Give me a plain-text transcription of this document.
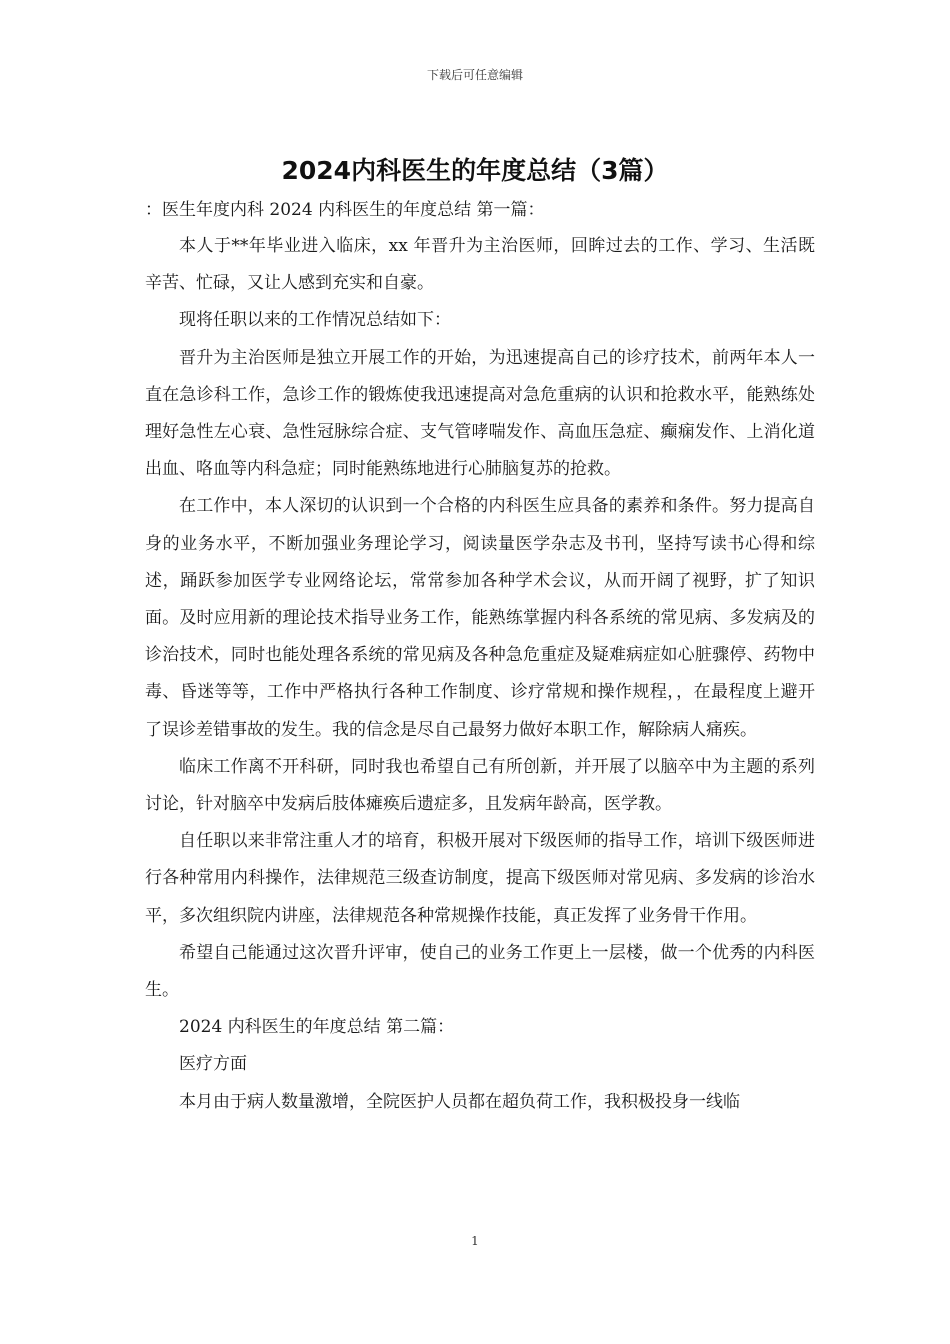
下载后可任意编辑
2024内科医生的年度总结（3篇）

：医生年度内科 2024 内科医生的年度总结 第一篇：

本人于**年毕业进入临床，xx 年晋升为主治医师，回眸过去的工作、学习、生活既辛苦、忙碌，又让人感到充实和自豪。

现将任职以来的工作情况总结如下：

晋升为主治医师是独立开展工作的开始，为迅速提高自己的诊疗技术，前两年本人一直在急诊科工作，急诊工作的锻炼使我迅速提高对急危重病的认识和抢救水平，能熟练处理好急性左心衰、急性冠脉综合症、支气管哮喘发作、高血压急症、癫痫发作、上消化道出血、咯血等内科急症；同时能熟练地进行心肺脑复苏的抢救。

在工作中，本人深切的认识到一个合格的内科医生应具备的素养和条件。努力提高自身的业务水平，不断加强业务理论学习，阅读量医学杂志及书刊，坚持写读书心得和综述，踊跃参加医学专业网络论坛，常常参加各种学术会议，从而开阔了视野，扩了知识面。及时应用新的理论技术指导业务工作，能熟练掌握内科各系统的常见病、多发病及的诊治技术，同时也能处理各系统的常见病及各种急危重症及疑难病症如心脏骤停、药物中毒、昏迷等等，工作中严格执行各种工作制度、诊疗常规和操作规程，，在最程度上避开了误诊差错事故的发生。我的信念是尽自己最努力做好本职工作，解除病人痛疾。

临床工作离不开科研，同时我也希望自己有所创新，并开展了以脑卒中为主题的系列讨论，针对脑卒中发病后肢体瘫痪后遗症多，且发病年龄高，医学教。

自任职以来非常注重人才的培育，积极开展对下级医师的指导工作，培训下级医师进行各种常用内科操作，法律规范三级查访制度，提高下级医师对常见病、多发病的诊治水平，多次组织院内讲座，法律规范各种常规操作技能，真正发挥了业务骨干作用。

希望自己能通过这次晋升评审，使自己的业务工作更上一层楼，做一个优秀的内科医生。

2024 内科医生的年度总结 第二篇：

医疗方面

本月由于病人数量激增，全院医护人员都在超负荷工作，我积极投身一线临

1
